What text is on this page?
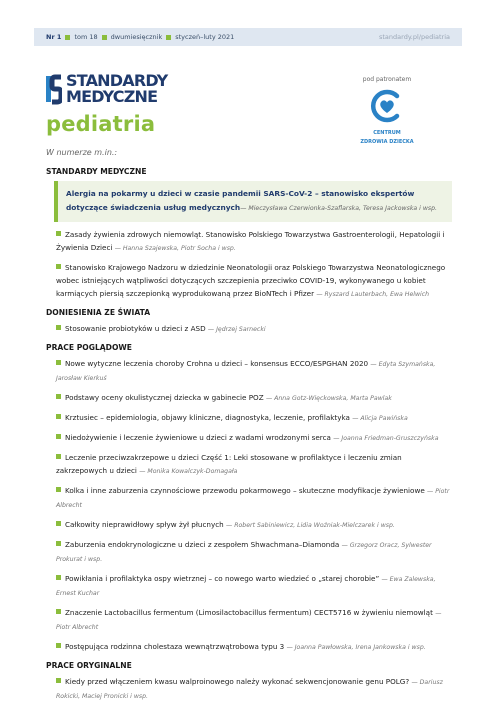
Nr 1 tom 18 dwumiesięcznik styczeń–luty 2021	standardy.pl/pediatria
STANDARDY
MEDYCZNE
pediatria
pod patronatem
CENTRUM
ZDROWIA DZIECKA
W numerze m.in.:
STANDARDY MEDYCZNE
Alergia na pokarmy u dzieci w czasie pandemii SARS-CoV-2 – stanowisko ekspertów dotyczące świadczenia usług medycznych— Mieczysława Czerwionka-Szaflarska, Teresa Jackowska i wsp.
Zasady żywienia zdrowych niemowląt. Stanowisko Polskiego Towarzystwa Gastroenterologii, Hepatologii i Żywienia Dzieci — Hanna Szajewska, Piotr Socha i wsp.
Stanowisko Krajowego Nadzoru w dziedzinie Neonatologii oraz Polskiego Towarzystwa Neonatologicznego wobec istniejących wątpliwości dotyczących szczepienia przeciwko COVID-19, wykonywanego u kobiet karmiących piersią szczepionką wyprodukowaną przez BioNTech i Pfizer — Ryszard Lauterbach, Ewa Helwich
DONIESIENIA ZE ŚWIATA
Stosowanie probiotyków u dzieci z ASD — Jędrzej Sarnecki
PRACE POGLĄDOWE
Nowe wytyczne leczenia choroby Crohna u dzieci – konsensus ECCO/ESPGHAN 2020 — Edyta Szymańska, Jarosław Kierkuś
Podstawy oceny okulistycznej dziecka w gabinecie POZ — Anna Gotz-Więckowska, Marta Pawlak
Krztusiec – epidemiologia, objawy kliniczne, diagnostyka, leczenie, profilaktyka — Alicja Pawińska
Niedożywienie i leczenie żywieniowe u dzieci z wadami wrodzonymi serca — Joanna Friedman-Gruszczyńska
Leczenie przeciwzakrzepowe u dzieci Część 1: Leki stosowane w profilaktyce i leczeniu zmian zakrzepowych u dzieci — Monika Kowalczyk-Domagała
Kolka i inne zaburzenia czynnościowe przewodu pokarmowego – skuteczne modyfikacje żywieniowe — Piotr Albrecht
Całkowity nieprawidłowy spływ żył płucnych — Robert Sabiniewicz, Lidia Woźniak-Mielczarek i wsp.
Zaburzenia endokrynologiczne u dzieci z zespołem Shwachmana–Diamonda — Grzegorz Oracz, Sylwester Prokurat i wsp.
Powikłania i profilaktyka ospy wietrznej – co nowego warto wiedzieć o „starej chorobie” — Ewa Zalewska, Ernest Kuchar
Znaczenie Lactobacillus fermentum (Limosilactobacillus fermentum) CECT5716 w żywieniu niemowląt — Piotr Albrecht
Postępująca rodzinna cholestaza wewnątrzwątrobowa typu 3 — Joanna Pawłowska, Irena Jankowska i wsp.
PRACE ORYGINALNE
Kiedy przed włączeniem kwasu walproinowego należy wykonać sekwencjonowanie genu POLG? — Dariusz Rokicki, Maciej Pronicki i wsp.
